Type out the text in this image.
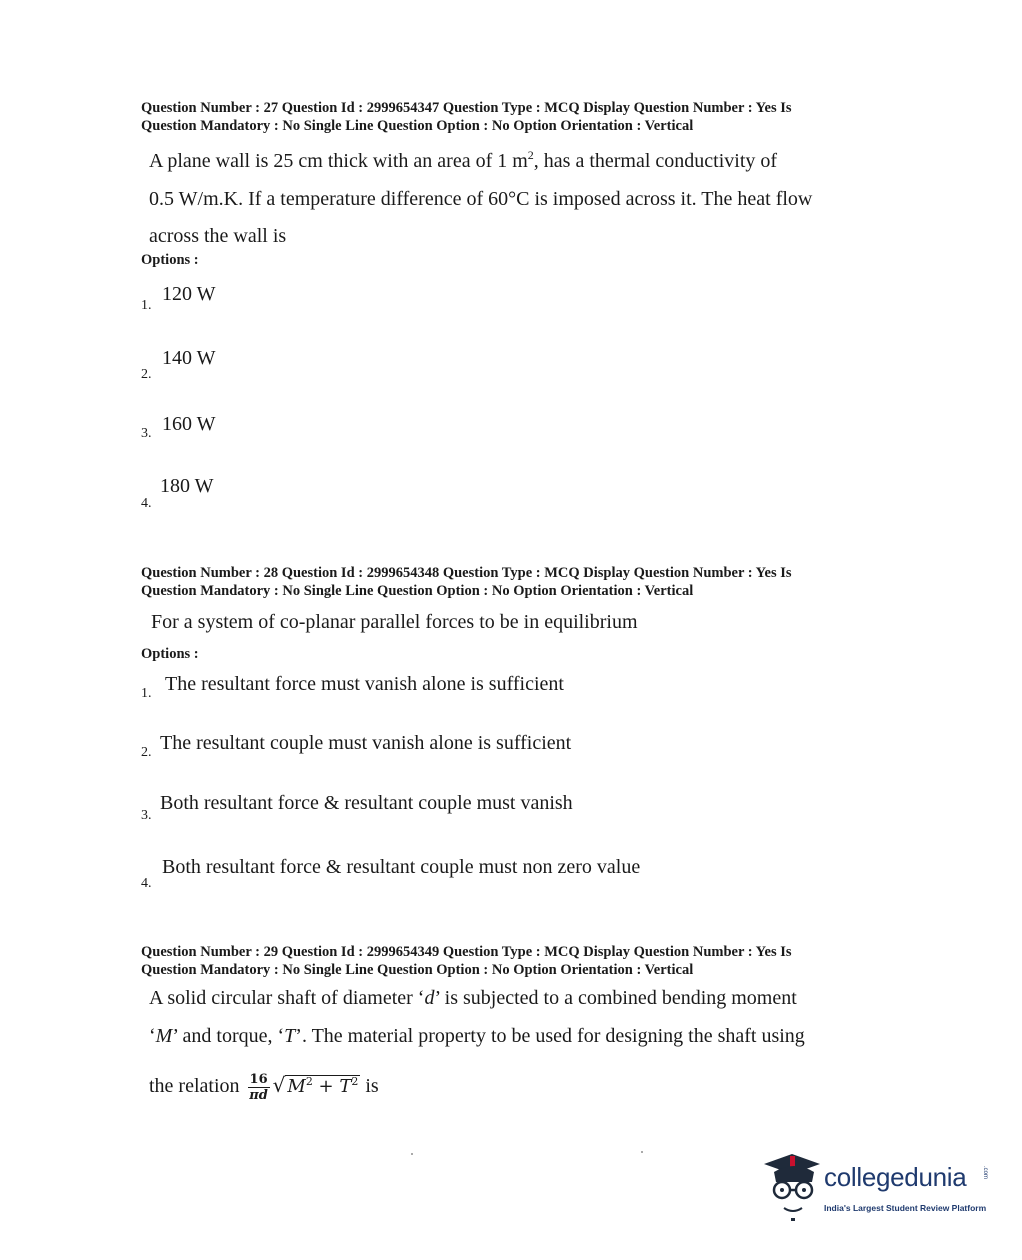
Question Number : 27 Question Id : 2999654347 Question Type : MCQ Display Question Number : Yes Is
Question Mandatory : No Single Line Question Option : No Option Orientation : Vertical
A plane wall is 25 cm thick with an area of 1 $m^2$, has a thermal conductivity of
0.5 W/m.K. If a temperature difference of 60°C is imposed across it. The heat flow
across the wall is
Options :
120 W
1.
140 W
2.
160 W
3.
180 W
4.
Question Number : 28 Question Id : 2999654348 Question Type : MCQ Display Question Number : Yes Is
Question Mandatory : No Single Line Question Option : No Option Orientation : Vertical
For a system of co-planar parallel forces to be in equilibrium
Options :
The resultant force must vanish alone is sufficient
1.
The resultant couple must vanish alone is sufficient
2.
Both resultant force & resultant couple must vanish
3.
Both resultant force & resultant couple must non zero value
4.
Question Number : 29 Question Id : 2999654349 Question Type : MCQ Display Question Number : Yes Is
Question Mandatory : No Single Line Question Option : No Option Orientation : Vertical
A solid circular shaft of diameter ‘d’ is subjected to a combined bending moment
‘M’ and torque, ‘T’. The material property to be used for designing the shaft using
the relation $\frac{16}{\pi d}$ √ $M^2 + T^2$ is
collegedunia	.com
India's Largest Student Review Platform
